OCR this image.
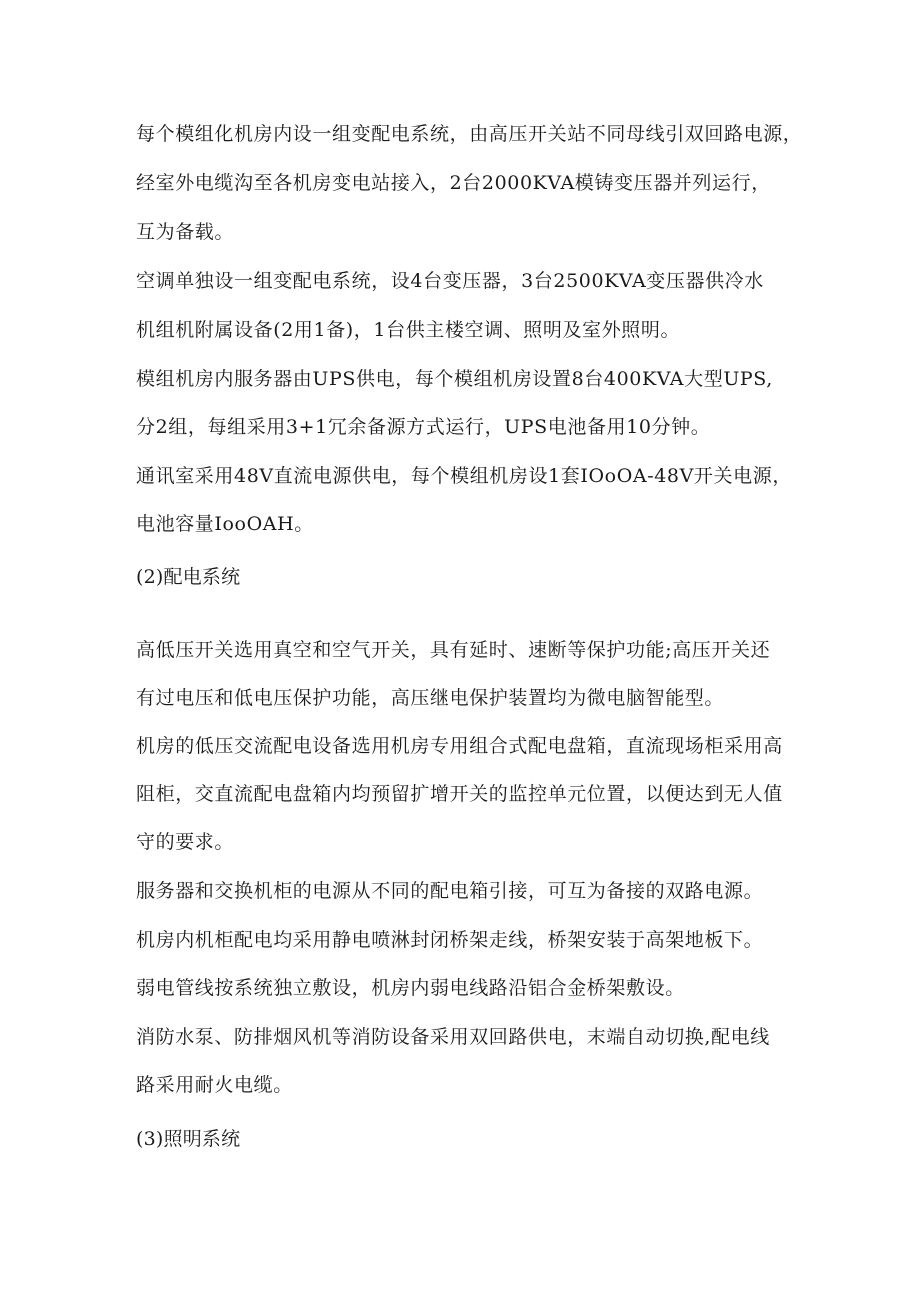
每个模组化机房内设一组变配电系统，由高压开关站不同母线引双回路电源，
经室外电缆沟至各机房变电站接入，2台2000KVA模铸变压器并列运行，
互为备载。
空调单独设一组变配电系统，设4台变压器，3台2500KVA变压器供冷水
机组机附属设备(2用1备)，1台供主楼空调、照明及室外照明。
模组机房内服务器由UPS供电，每个模组机房设置8台400KVA大型UPS,
分2组，每组采用3+1冗余备源方式运行，UPS电池备用10分钟。
通讯室采用48V直流电源供电，每个模组机房设1套IOoOA-48V开关电源，
电池容量IooOAH。
(2)配电系统
高低压开关选用真空和空气开关，具有延时、速断等保护功能;高压开关还
有过电压和低电压保护功能，高压继电保护装置均为微电脑智能型。
机房的低压交流配电设备选用机房专用组合式配电盘箱，直流现场柜采用高
阻柜，交直流配电盘箱内均预留扩增开关的监控单元位置，以便达到无人值
守的要求。
服务器和交换机柜的电源从不同的配电箱引接，可互为备接的双路电源。
机房内机柜配电均采用静电喷淋封闭桥架走线，桥架安装于高架地板下。
弱电管线按系统独立敷设，机房内弱电线路沿铝合金桥架敷设。
消防水泵、防排烟风机等消防设备采用双回路供电，末端自动切换,配电线
路采用耐火电缆。
(3)照明系统
